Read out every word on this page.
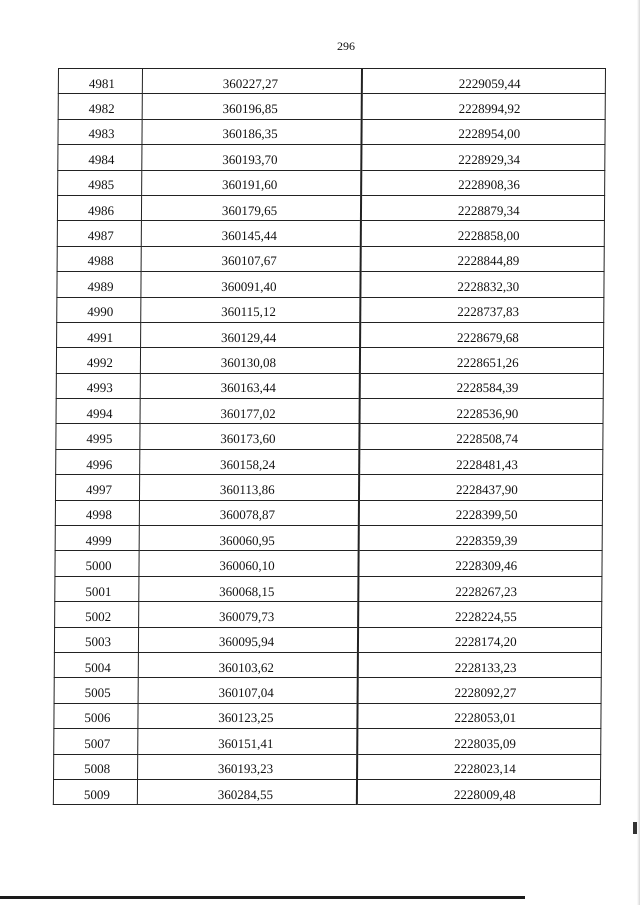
296
4981	360227,27	2229059,44
4982	360196,85	2228994,92
4983	360186,35	2228954,00
4984	360193,70	2228929,34
4985	360191,60	2228908,36
4986	360179,65	2228879,34
4987	360145,44	2228858,00
4988	360107,67	2228844,89
4989	360091,40	2228832,30
4990	360115,12	2228737,83
4991	360129,44	2228679,68
4992	360130,08	2228651,26
4993	360163,44	2228584,39
4994	360177,02	2228536,90
4995	360173,60	2228508,74
4996	360158,24	2228481,43
4997	360113,86	2228437,90
4998	360078,87	2228399,50
4999	360060,95	2228359,39
5000	360060,10	2228309,46
5001	360068,15	2228267,23
5002	360079,73	2228224,55
5003	360095,94	2228174,20
5004	360103,62	2228133,23
5005	360107,04	2228092,27
5006	360123,25	2228053,01
5007	360151,41	2228035,09
5008	360193,23	2228023,14
5009	360284,55	2228009,48
